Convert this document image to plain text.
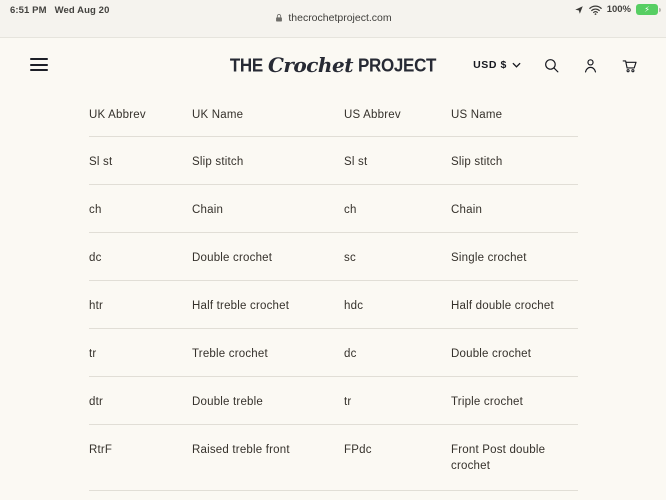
6:51 PM Wed Aug 20
thecrochetproject.com
100% ⚡
THE Crochet PROJECT	USD $
UK Abbrev	UK Name	US Abbrev	US Name
Sl st	Slip stitch	Sl st	Slip stitch
ch	Chain	ch	Chain
dc	Double crochet	sc	Single crochet
htr	Half treble crochet	hdc	Half double crochet
tr	Treble crochet	dc	Double crochet
dtr	Double treble	tr	Triple crochet
RtrF	Raised treble front	FPdc	Front Post double crochet
